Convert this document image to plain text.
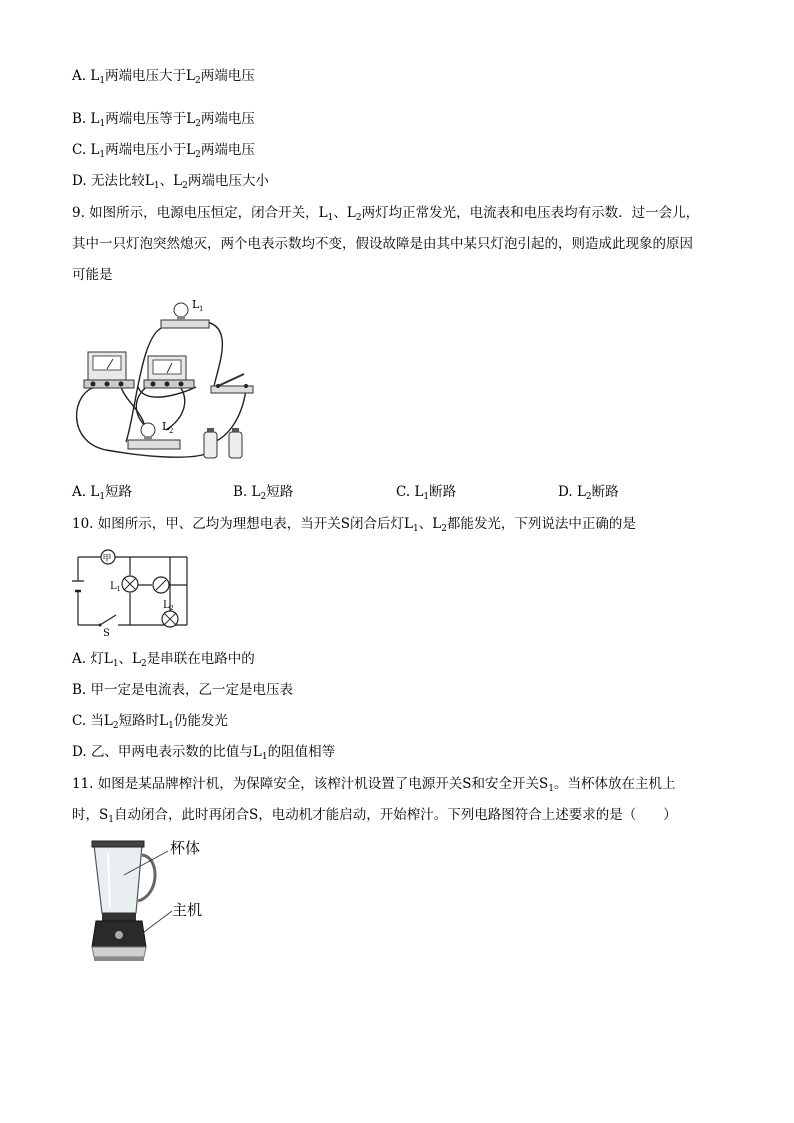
A. $L_1$两端电压大于$L_2$两端电压
B. $L_1$两端电压等于$L_2$两端电压
C. $L_1$两端电压小于$L_2$两端电压
D. 无法比较$L_1$、$L_2$两端电压大小
9. 如图所示，电源电压恒定，闭合开关，$L_1$、$L_2$两灯均正常发光，电流表和电压表均有示数．过一会儿，
其中一只灯泡突然熄灭，两个电表示数均不变，假设故障是由其中某只灯泡引起的，则造成此现象的原因
可能是
L 1
L 2
A. $L_1$短路	B. $L_2$短路	C. $L_1$断路	D. $L_2$断路
10. 如图所示，甲、乙均为理想电表，当开关S闭合后灯$L_1$、$L_2$都能发光，下列说法中正确的是
甲
$L_1$
$L_2$
S
A. 灯$L_1$、$L_2$是串联在电路中的
B. 甲一定是电流表，乙一定是电压表
C. 当$L_2$短路时$L_1$仍能发光
D. 乙、甲两电表示数的比值与$L_1$的阻值相等
11. 如图是某品牌榨汁机，为保障安全，该榨汁机设置了电源开关S和安全开关$S_1$。当杯体放在主机上
时，$S_1$自动闭合，此时再闭合S，电动机才能启动，开始榨汁。下列电路图符合上述要求的是（　　）
杯体
主机
